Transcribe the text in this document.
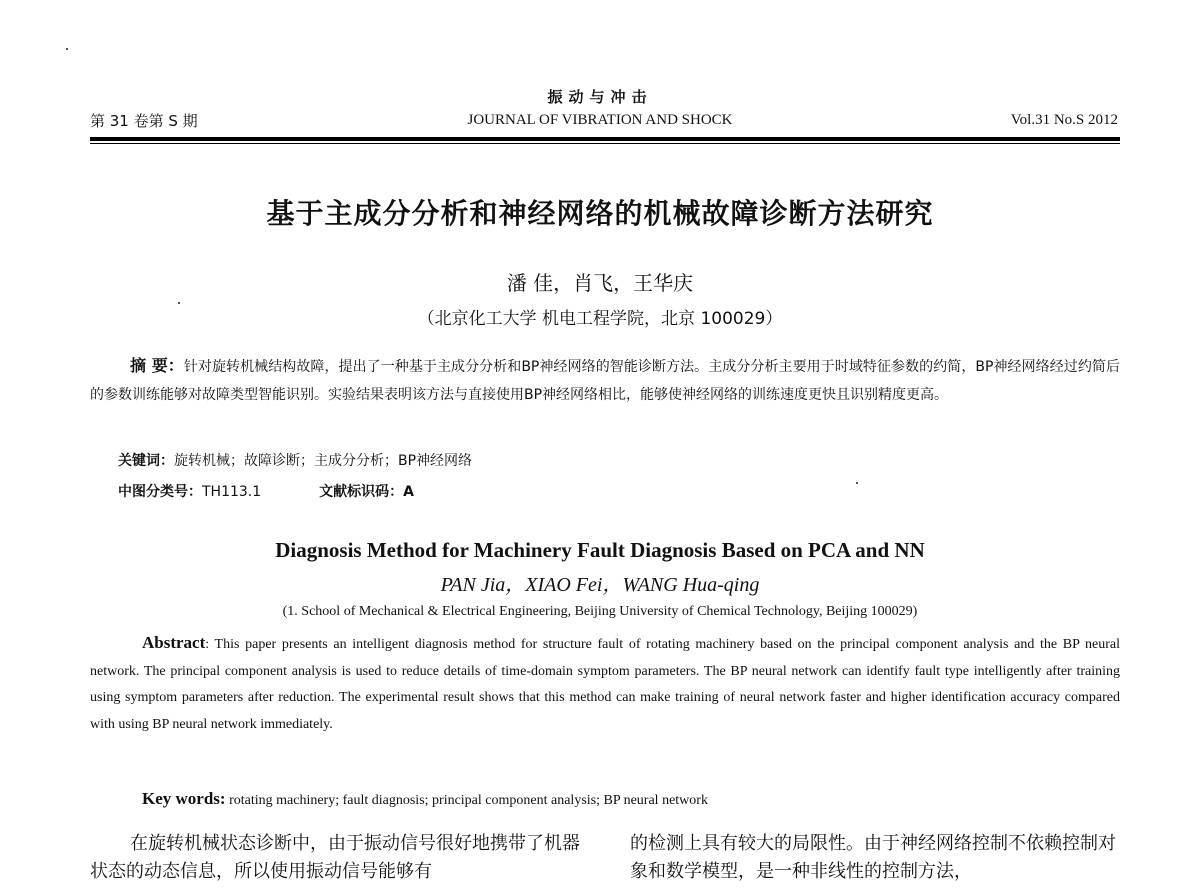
振动与冲击
第 31 卷第 S 期	JOURNAL OF VIBRATION AND SHOCK	Vol.31 No.S 2012
基于主成分分析和神经网络的机械故障诊断方法研究
潘 佳，肖飞，王华庆
（北京化工大学 机电工程学院，北京 100029）
摘 要：针对旋转机械结构故障，提出了一种基于主成分分析和BP神经网络的智能诊断方法。主成分分析主要用于时域特征参数的约简，BP神经网络经过约简后的参数训练能够对故障类型智能识别。实验结果表明该方法与直接使用BP神经网络相比，能够使神经网络的训练速度更快且识别精度更高。
关键词：旋转机械；故障诊断；主成分分析；BP神经网络
中图分类号：TH113.1	文献标识码：A
Diagnosis Method for Machinery Fault Diagnosis Based on PCA and NN
PAN Jia，XIAO Fei，WANG Hua-qing
(1. School of Mechanical & Electrical Engineering, Beijing University of Chemical Technology, Beijing 100029)
Abstract: This paper presents an intelligent diagnosis method for structure fault of rotating machinery based on the principal component analysis and the BP neural network. The principal component analysis is used to reduce details of time-domain symptom parameters. The BP neural network can identify fault type intelligently after training using symptom parameters after reduction. The experimental result shows that this method can make training of neural network faster and higher identification accuracy compared with using BP neural network immediately.
Key words: rotating machinery; fault diagnosis; principal component analysis; BP neural network
在旋转机械状态诊断中，由于振动信号很好地携带了机器状态的动态信息，所以使用振动信号能够有
的检测上具有较大的局限性。由于神经网络控制不依赖控制对象和数学模型，是一种非线性的控制方法，
